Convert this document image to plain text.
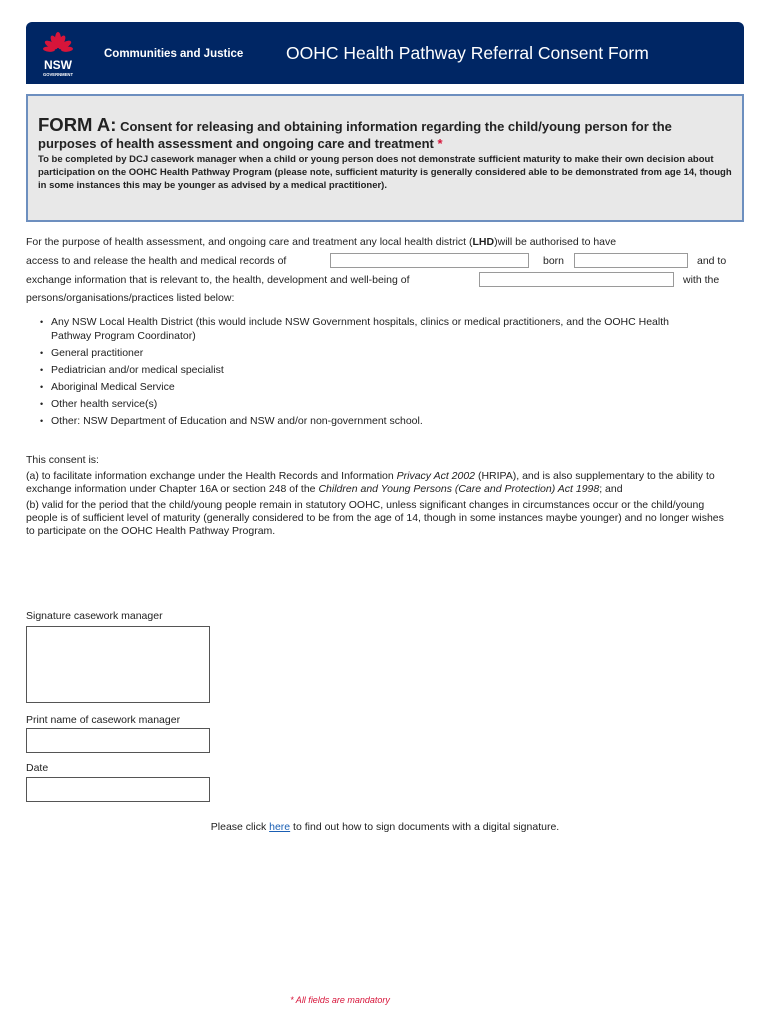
NSW
GOVERNMENT
Communities and Justice OOHC Health Pathway Referral Consent Form
FORM A: Consent for releasing and obtaining information regarding the child/young person for the purposes of health assessment and ongoing care and treatment *
To be completed by DCJ casework manager when a child or young person does not demonstrate sufficient maturity to make their own decision about participation on the OOHC Health Pathway Program (please note, sufficient maturity is generally considered able to be demonstrated from age 14, though in some instances this may be younger as advised by a medical practitioner).
For the purpose of health assessment, and ongoing care and treatment any local health district (LHD)will be authorised to have
access to and release the health and medical records of	born	and to
exchange information that is relevant to, the health, development and well-being of	with the
persons/organisations/practices listed below:
• Any NSW Local Health District (this would include NSW Government hospitals, clinics or medical practitioners, and the OOHC Health Pathway Program Coordinator)
• General practitioner
• Pediatrician and/or medical specialist
• Aboriginal Medical Service
• Other health service(s)
• Other: NSW Department of Education and NSW and/or non-government school.

This consent is:

(a) to facilitate information exchange under the Health Records and Information Privacy Act 2002 (HRIPA), and is also supplementary to the ability to exchange information under Chapter 16A or section 248 of the Children and Young Persons (Care and Protection) Act 1998; and

(b) valid for the period that the child/young people remain in statutory OOHC, unless significant changes in circumstances occur or the child/young people is of sufficient level of maturity (generally considered to be from the age of 14, though in some instances maybe younger) and no longer wishes to participate on the OOHC Health Pathway Program.

Signature casework manager
Print name of casework manager
Date
Please click here to find out how to sign documents with a digital signature.
* All fields are mandatory
